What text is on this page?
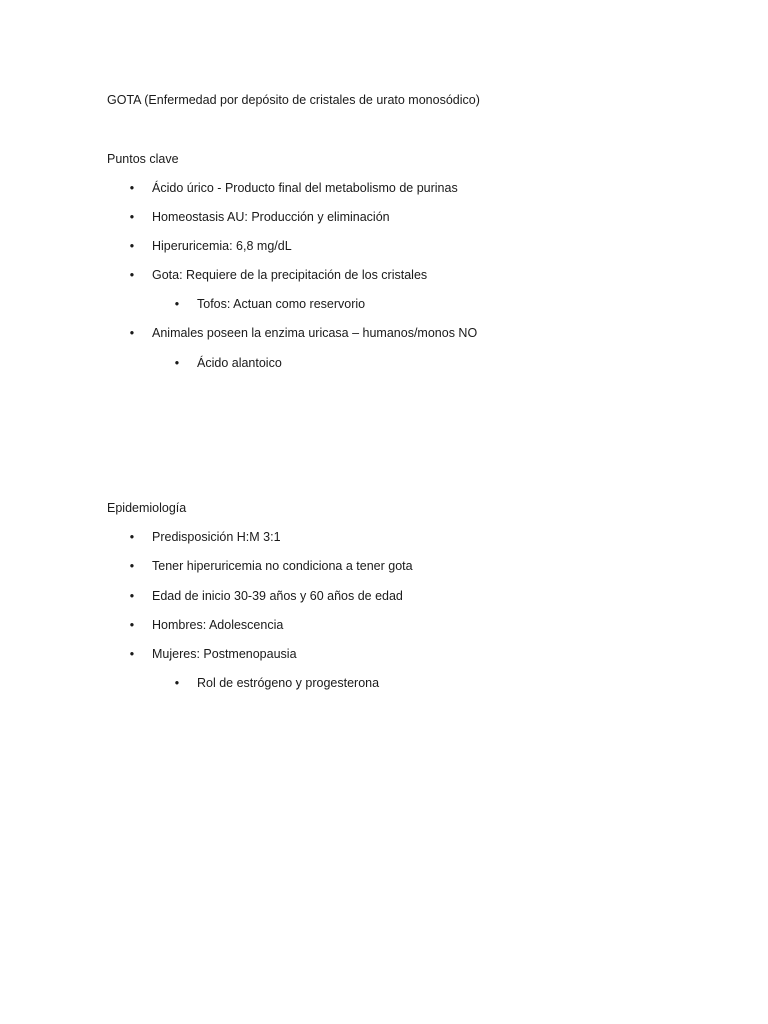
GOTA (Enfermedad por depósito de cristales de urato monosódico)
Puntos clave
•	Ácido úrico - Producto final del metabolismo de purinas
•	Homeostasis AU: Producción y eliminación
•	Hiperuricemia: 6,8 mg/dL
•	Gota: Requiere de la precipitación de los cristales
•	Tofos: Actuan como reservorio
•	Animales poseen la enzima uricasa – humanos/monos NO
•	Ácido alantoico
Epidemiología
•	Predisposición H:M 3:1
•	Tener hiperuricemia no condiciona a tener gota
•	Edad de inicio 30-39 años y 60 años de edad
•	Hombres: Adolescencia
•	Mujeres: Postmenopausia
•	Rol de estrógeno y progesterona
